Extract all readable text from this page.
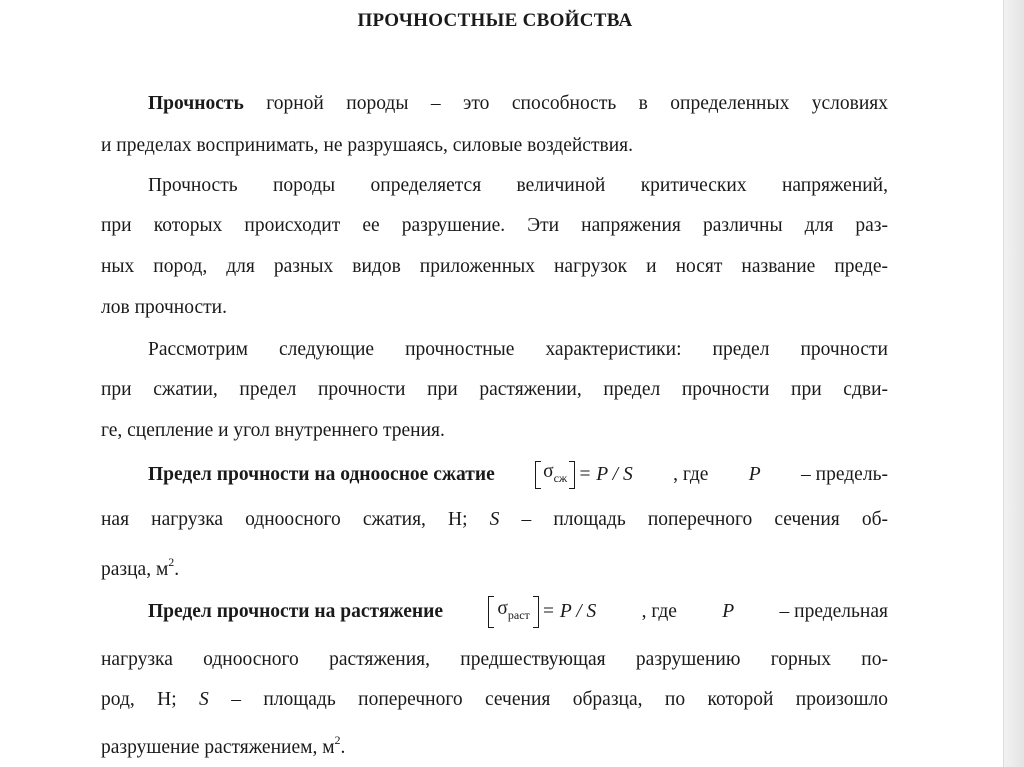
ПРОЧНОСТНЫЕ СВОЙСТВА
Прочность горной породы – это способность в определенных условиях
и пределах воспринимать, не разрушаясь, силовые воздействия.
Прочность породы определяется величиной критических напряжений,
при которых происходит ее разрушение. Эти напряжения различны для раз-
ных пород, для разных видов приложенных нагрузок и носят название преде-
лов прочности.
Рассмотрим следующие прочностные характеристики: предел прочности
при сжатии, предел прочности при растяжении, предел прочности при сдви-
ге, сцепление и угол внутреннего трения.
Предел прочности на одноосное сжатие $\sigma_{сж} = P / S$ , где P – предель-
ная нагрузка одноосного сжатия, Н; S – площадь поперечного сечения об-
разца, $м^2$.
Предел прочности на растяжение	$\sigma_{раст} = P / S$ , где P – предельная
нагрузка одноосного растяжения, предшествующая разрушению горных по-
род, Н; S – площадь поперечного сечения образца, по которой произошло
разрушение растяжением, $м^2$.
